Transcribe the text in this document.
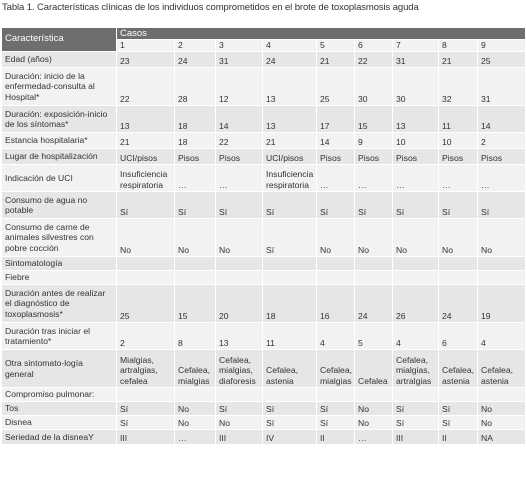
Tabla 1. Características clínicas de los individuos comprometidos en el brote de toxoplasmosis aguda
Característica	Casos								
	1	2	3	4	5	6	7	8	9
Edad (años)	23	24	31	24	21	22	31	21	25
Duración: inicio de la enfermedad-consulta al Hospital*	22	28	12	13	25	30	30	32	31
Duración: exposición-inicio de los síntomas*	13	18	14	13	17	15	13	11	14
Estancia hospitalaria*	21	18	22	21	14	9	10	10	2
Lugar de hospitalización	UCI/pisos	Pisos	Pisos	UCI/pisos	Pisos	Pisos	Pisos	Pisos	Pisos
Indicación de UCI	Insuficiencia respiratoria	…	…	Insuficiencia respiratoria	…	…	…	…	…
Consumo de agua no potable	Sí	Sí	Sí	Sí	Sí	Sí	Sí	Sí	Sí
Consumo de carne de animales silvestres con pobre cocción	No	No	No	Sí	No	No	No	No	No
Sintomatología									
Fiebre									
Duración antes de realizar el diagnóstico de toxoplasmosis*	25	15	20	18	16	24	26	24	19
Duración tras iniciar el tratamiento*	2	8	13	11	4	5	4	6	4
Otra sintomato-logía general	Mialgias, artralgias, cefalea	Cefalea, mialgias	Cefalea, mialgias, diaforesis	Cefalea, astenia	Cefalea, mialgias	Cefalea	Cefalea, mialgias, artralgias	Cefalea, astenia	Cefalea, astenia
Compromiso pulmonar:									
Tos	Sí	No	Sí	Sí	Sí	No	Sí	Sí	No
Disnea	Sí	No	No	Sí	Sí	No	Sí	Sí	No
Seriedad de la disneaY	III	…	III	IV	II	…	III	II	NA
